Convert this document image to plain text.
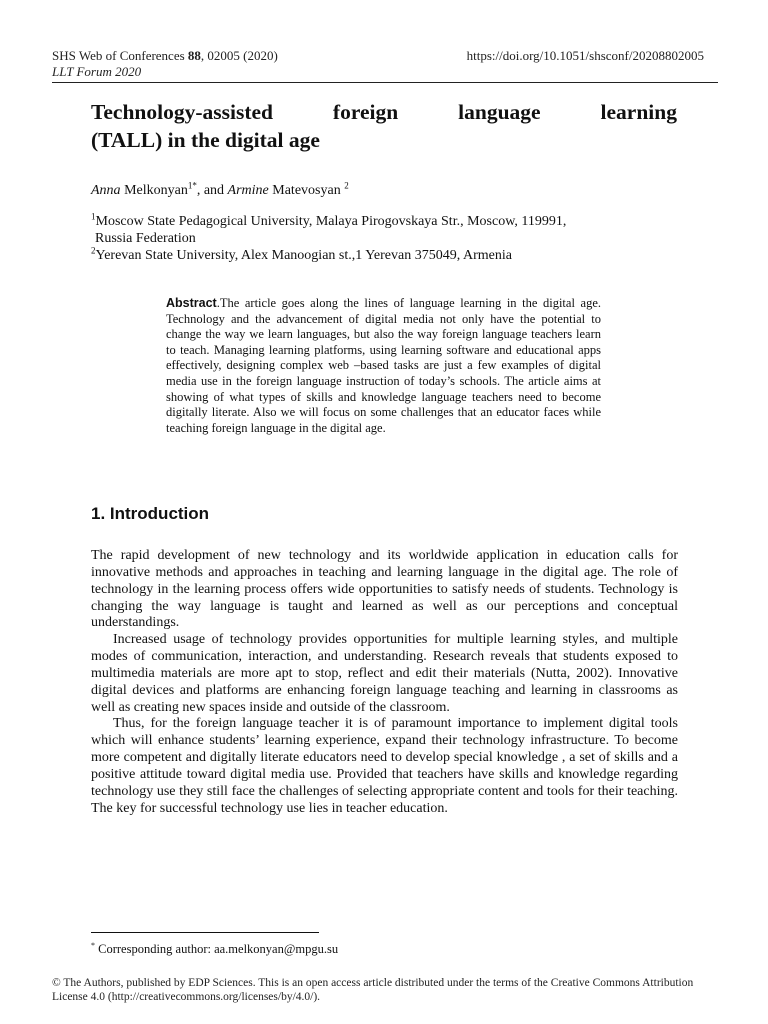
SHS Web of Conferences 88, 02005 (2020)
LLT Forum 2020
https://doi.org/10.1051/shsconf/20208802005
Technology-assisted	foreign	language	learning
(TALL) in the digital age
Anna Melkonyan$^{1*}$, and Armine Matevosyan $^2$
$^1$Moscow State Pedagogical University, Malaya Pirogovskaya Str., Moscow, 119991,
Russia Federation
$^2$Yerevan State University, Alex Manoogian st.,1 Yerevan 375049, Armenia
Abstract.The article goes along the lines of language learning in the digital age. Technology and the advancement of digital media not only have the potential to change the way we learn languages, but also the way foreign language teachers learn to teach. Managing learning platforms, using learning software and educational apps effectively, designing complex web –based tasks are just a few examples of digital media use in the foreign language instruction of today’s schools. The article aims at showing of what types of skills and knowledge language teachers need to become digitally literate. Also we will focus on some challenges that an educator faces while teaching foreign language in the digital age.
1. Introduction

The rapid development of new technology and its worldwide application in education calls for innovative methods and approaches in teaching and learning language in the digital age. The role of technology in the learning process offers wide opportunities to satisfy needs of students. Technology is changing the way language is taught and learned as well as our perceptions and conceptual understandings.

Increased usage of technology provides opportunities for multiple learning styles, and multiple modes of communication, interaction, and understanding. Research reveals that students exposed to multimedia materials are more apt to stop, reflect and edit their materials (Nutta, 2002). Innovative digital devices and platforms are enhancing foreign language teaching and learning in classrooms as well as creating new spaces inside and outside of the classroom.

Thus, for the foreign language teacher it is of paramount importance to implement digital tools which will enhance students’ learning experience, expand their technology infrastructure. To become more competent and digitally literate educators need to develop special knowledge , a set of skills and a positive attitude toward digital media use. Provided that teachers have skills and knowledge regarding technology use they still face the challenges of selecting appropriate content and tools for their teaching. The key for successful technology use lies in teacher education.

* Corresponding author: aa.melkonyan@mpgu.su
© The Authors, published by EDP Sciences. This is an open access article distributed under the terms of the Creative Commons Attribution License 4.0 (http://creativecommons.org/licenses/by/4.0/).
